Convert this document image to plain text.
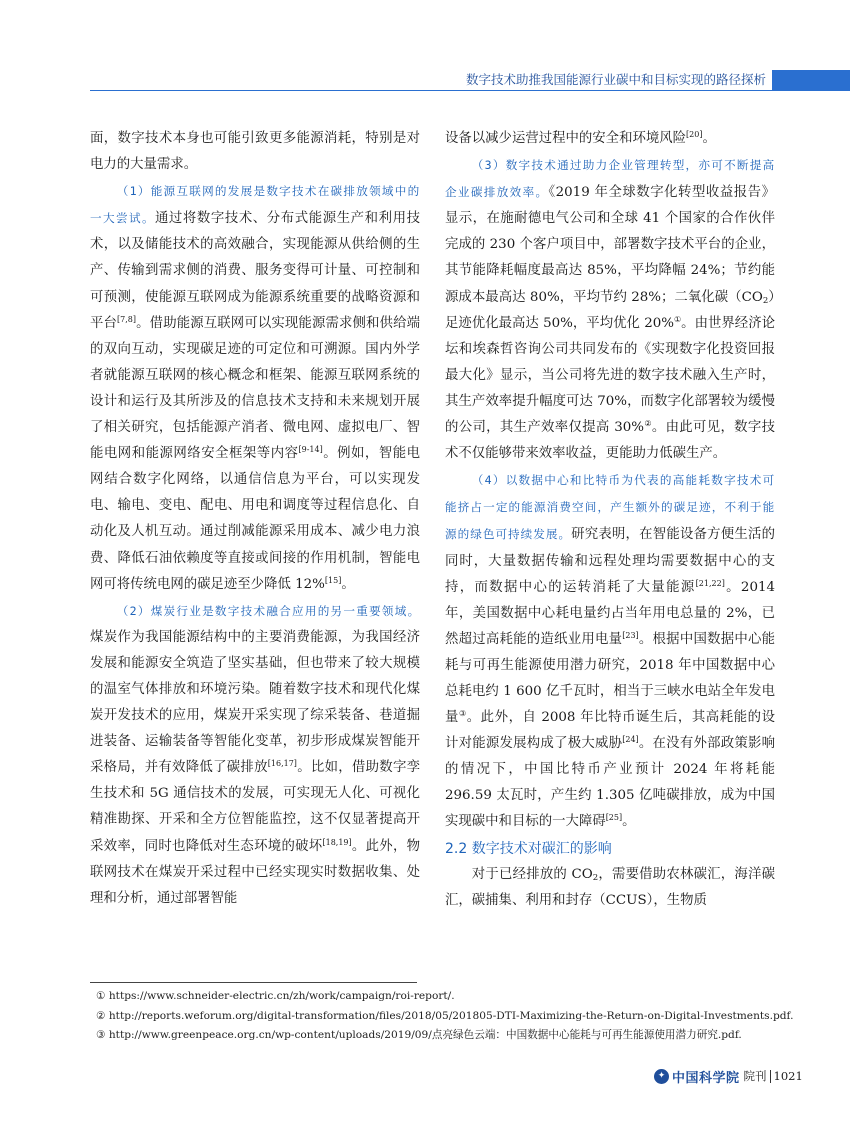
数字技术助推我国能源行业碳中和目标实现的路径探析

面，数字技术本身也可能引致更多能源消耗，特别是对电力的大量需求。

（1）能源互联网的发展是数字技术在碳排放领域中的一大尝试。通过将数字技术、分布式能源生产和利用技术，以及储能技术的高效融合，实现能源从供给侧的生产、传输到需求侧的消费、服务变得可计量、可控制和可预测，使能源互联网成为能源系统重要的战略资源和平台[7,8]。借助能源互联网可以实现能源需求侧和供给端的双向互动，实现碳足迹的可定位和可溯源。国内外学者就能源互联网的核心概念和框架、能源互联网系统的设计和运行及其所涉及的信息技术支持和未来规划开展了相关研究，包括能源产消者、微电网、虚拟电厂、智能电网和能源网络安全框架等内容[9-14]。例如，智能电网结合数字化网络，以通信信息为平台，可以实现发电、输电、变电、配电、用电和调度等过程信息化、自动化及人机互动。通过削减能源采用成本、减少电力浪费、降低石油依赖度等直接或间接的作用机制，智能电网可将传统电网的碳足迹至少降低 12%[15]。

（2）煤炭行业是数字技术融合应用的另一重要领域。煤炭作为我国能源结构中的主要消费能源，为我国经济发展和能源安全筑造了坚实基础，但也带来了较大规模的温室气体排放和环境污染。随着数字技术和现代化煤炭开发技术的应用，煤炭开采实现了综采装备、巷道掘进装备、运输装备等智能化变革，初步形成煤炭智能开采格局，并有效降低了碳排放[16,17]。比如，借助数字孪生技术和 5G 通信技术的发展，可实现无人化、可视化精准勘探、开采和全方位智能监控，这不仅显著提高开采效率，同时也降低对生态环境的破坏[18,19]。此外，物联网技术在煤炭开采过程中已经实现实时数据收集、处理和分析，通过部署智能

设备以减少运营过程中的安全和环境风险[20]。

（3）数字技术通过助力企业管理转型，亦可不断提高企业碳排放效率。《2019 年全球数字化转型收益报告》显示，在施耐德电气公司和全球 41 个国家的合作伙伴完成的 230 个客户项目中，部署数字技术平台的企业，其节能降耗幅度最高达 85%，平均降幅 24%；节约能源成本最高达 80%，平均节约 28%；二氧化碳$(CO_2)$足迹优化最高达 50%，平均优化 20%①。由世界经济论坛和埃森哲咨询公司共同发布的《实现数字化投资回报最大化》显示，当公司将先进的数字技术融入生产时，其生产效率提升幅度可达 70%，而数字化部署较为缓慢的公司，其生产效率仅提高 30%②。由此可见，数字技术不仅能够带来效率收益，更能助力低碳生产。

（4）以数据中心和比特币为代表的高能耗数字技术可能挤占一定的能源消费空间，产生额外的碳足迹，不利于能源的绿色可持续发展。研究表明，在智能设备方便生活的同时，大量数据传输和远程处理均需要数据中心的支持，而数据中心的运转消耗了大量能源[21,22]。2014 年，美国数据中心耗电量约占当年用电总量的 2%，已然超过高耗能的造纸业用电量[23]。根据中国数据中心能耗与可再生能源使用潜力研究，2018 年中国数据中心总耗电约 1 600 亿千瓦时，相当于三峡水电站全年发电量③。此外，自 2008 年比特币诞生后，其高耗能的设计对能源发展构成了极大威胁[24]。在没有外部政策影响的情况下，中国比特币产业预计 2024 年将耗能 296.59 太瓦时，产生约 1.305 亿吨碳排放，成为中国实现碳中和目标的一大障碍[25]。

2.2 数字技术对碳汇的影响

对于已经排放的 $CO_2$，需要借助农林碳汇，海洋碳汇，碳捕集、利用和封存（CCUS），生物质

① https://www.schneider-electric.cn/zh/work/campaign/roi-report/.
② http://reports.weforum.org/digital-transformation/files/2018/05/201805-DTI-Maximizing-the-Return-on-Digital-Investments.pdf.
③ http://www.greenpeace.org.cn/wp-content/uploads/2019/09/点亮绿色云端：中国数据中心能耗与可再生能源使用潜力研究.pdf.
✦ 中国科学院 院刊 1021
